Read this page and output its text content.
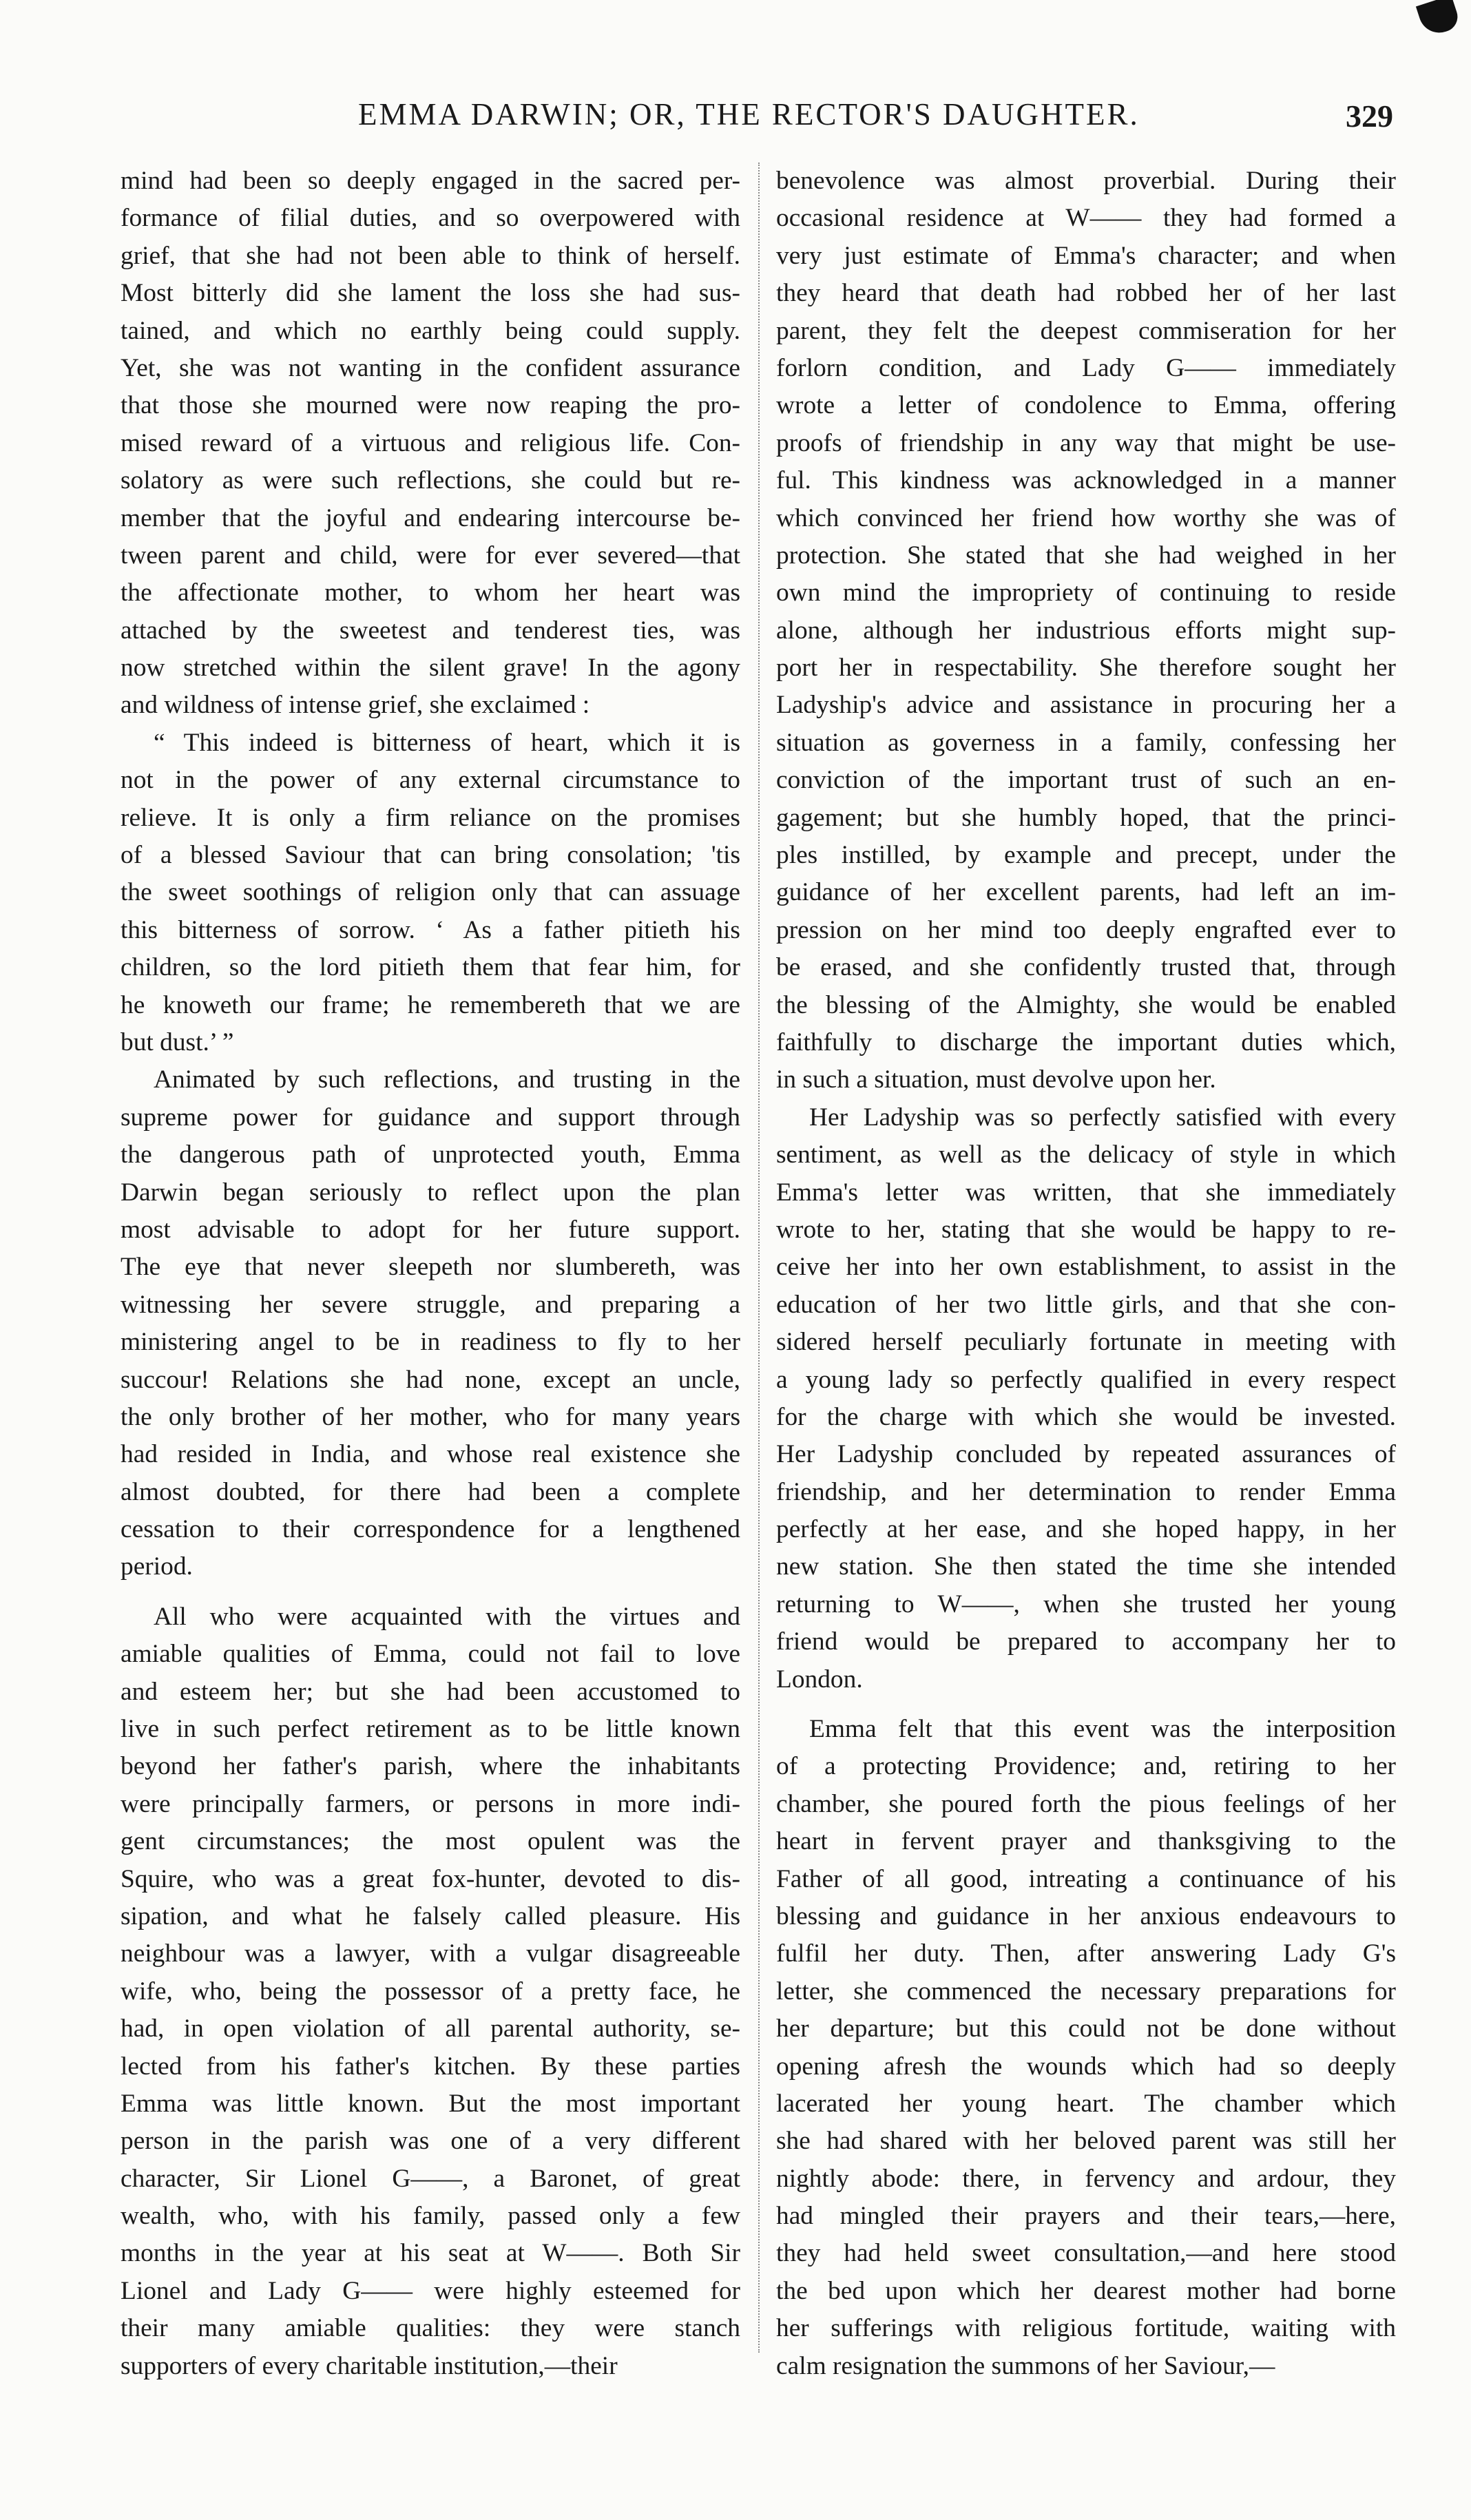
EMMA DARWIN; OR, THE RECTOR'S DAUGHTER.	329
mind had been so deeply engaged in the sacred per-
formance of filial duties, and so overpowered with
grief, that she had not been able to think of herself.
Most bitterly did she lament the loss she had sus-
tained, and which no earthly being could supply.
Yet, she was not wanting in the confident assurance
that those she mourned were now reaping the pro-
mised reward of a virtuous and religious life. Con-
solatory as were such reflections, she could but re-
member that the joyful and endearing intercourse be-
tween parent and child, were for ever severed—that
the affectionate mother, to whom her heart was
attached by the sweetest and tenderest ties, was
now stretched within the silent grave! In the agony
and wildness of intense grief, she exclaimed :
“ This indeed is bitterness of heart, which it is
not in the power of any external circumstance to
relieve. It is only a firm reliance on the promises
of a blessed Saviour that can bring consolation; 'tis
the sweet soothings of religion only that can assuage
this bitterness of sorrow. ‘ As a father pitieth his
children, so the lord pitieth them that fear him, for
he knoweth our frame; he remembereth that we are
but dust.’ ”
Animated by such reflections, and trusting in the
supreme power for guidance and support through
the dangerous path of unprotected youth, Emma
Darwin began seriously to reflect upon the plan
most advisable to adopt for her future support.
The eye that never sleepeth nor slumbereth, was
witnessing her severe struggle, and preparing a
ministering angel to be in readiness to fly to her
succour! Relations she had none, except an uncle,
the only brother of her mother, who for many years
had resided in India, and whose real existence she
almost doubted, for there had been a complete
cessation to their correspondence for a lengthened
period.
All who were acquainted with the virtues and
amiable qualities of Emma, could not fail to love
and esteem her; but she had been accustomed to
live in such perfect retirement as to be little known
beyond her father's parish, where the inhabitants
were principally farmers, or persons in more indi-
gent circumstances; the most opulent was the
Squire, who was a great fox-hunter, devoted to dis-
sipation, and what he falsely called pleasure. His
neighbour was a lawyer, with a vulgar disagreeable
wife, who, being the possessor of a pretty face, he
had, in open violation of all parental authority, se-
lected from his father's kitchen. By these parties
Emma was little known. But the most important
person in the parish was one of a very different
character, Sir Lionel G——, a Baronet, of great
wealth, who, with his family, passed only a few
months in the year at his seat at W——. Both Sir
Lionel and Lady G—— were highly esteemed for
their many amiable qualities: they were stanch
supporters of every charitable institution,—their
benevolence was almost proverbial. During their
occasional residence at W—— they had formed a
very just estimate of Emma's character; and when
they heard that death had robbed her of her last
parent, they felt the deepest commiseration for her
forlorn condition, and Lady G—— immediately
wrote a letter of condolence to Emma, offering
proofs of friendship in any way that might be use-
ful. This kindness was acknowledged in a manner
which convinced her friend how worthy she was of
protection. She stated that she had weighed in her
own mind the impropriety of continuing to reside
alone, although her industrious efforts might sup-
port her in respectability. She therefore sought her
Ladyship's advice and assistance in procuring her a
situation as governess in a family, confessing her
conviction of the important trust of such an en-
gagement; but she humbly hoped, that the princi-
ples instilled, by example and precept, under the
guidance of her excellent parents, had left an im-
pression on her mind too deeply engrafted ever to
be erased, and she confidently trusted that, through
the blessing of the Almighty, she would be enabled
faithfully to discharge the important duties which,
in such a situation, must devolve upon her.
Her Ladyship was so perfectly satisfied with every
sentiment, as well as the delicacy of style in which
Emma's letter was written, that she immediately
wrote to her, stating that she would be happy to re-
ceive her into her own establishment, to assist in the
education of her two little girls, and that she con-
sidered herself peculiarly fortunate in meeting with
a young lady so perfectly qualified in every respect
for the charge with which she would be invested.
Her Ladyship concluded by repeated assurances of
friendship, and her determination to render Emma
perfectly at her ease, and she hoped happy, in her
new station. She then stated the time she intended
returning to W——, when she trusted her young
friend would be prepared to accompany her to
London.
Emma felt that this event was the interposition
of a protecting Providence; and, retiring to her
chamber, she poured forth the pious feelings of her
heart in fervent prayer and thanksgiving to the
Father of all good, intreating a continuance of his
blessing and guidance in her anxious endeavours to
fulfil her duty. Then, after answering Lady G's
letter, she commenced the necessary preparations for
her departure; but this could not be done without
opening afresh the wounds which had so deeply
lacerated her young heart. The chamber which
she had shared with her beloved parent was still her
nightly abode: there, in fervency and ardour, they
had mingled their prayers and their tears,—here,
they had held sweet consultation,—and here stood
the bed upon which her dearest mother had borne
her sufferings with religious fortitude, waiting with
calm resignation the summons of her Saviour,—
